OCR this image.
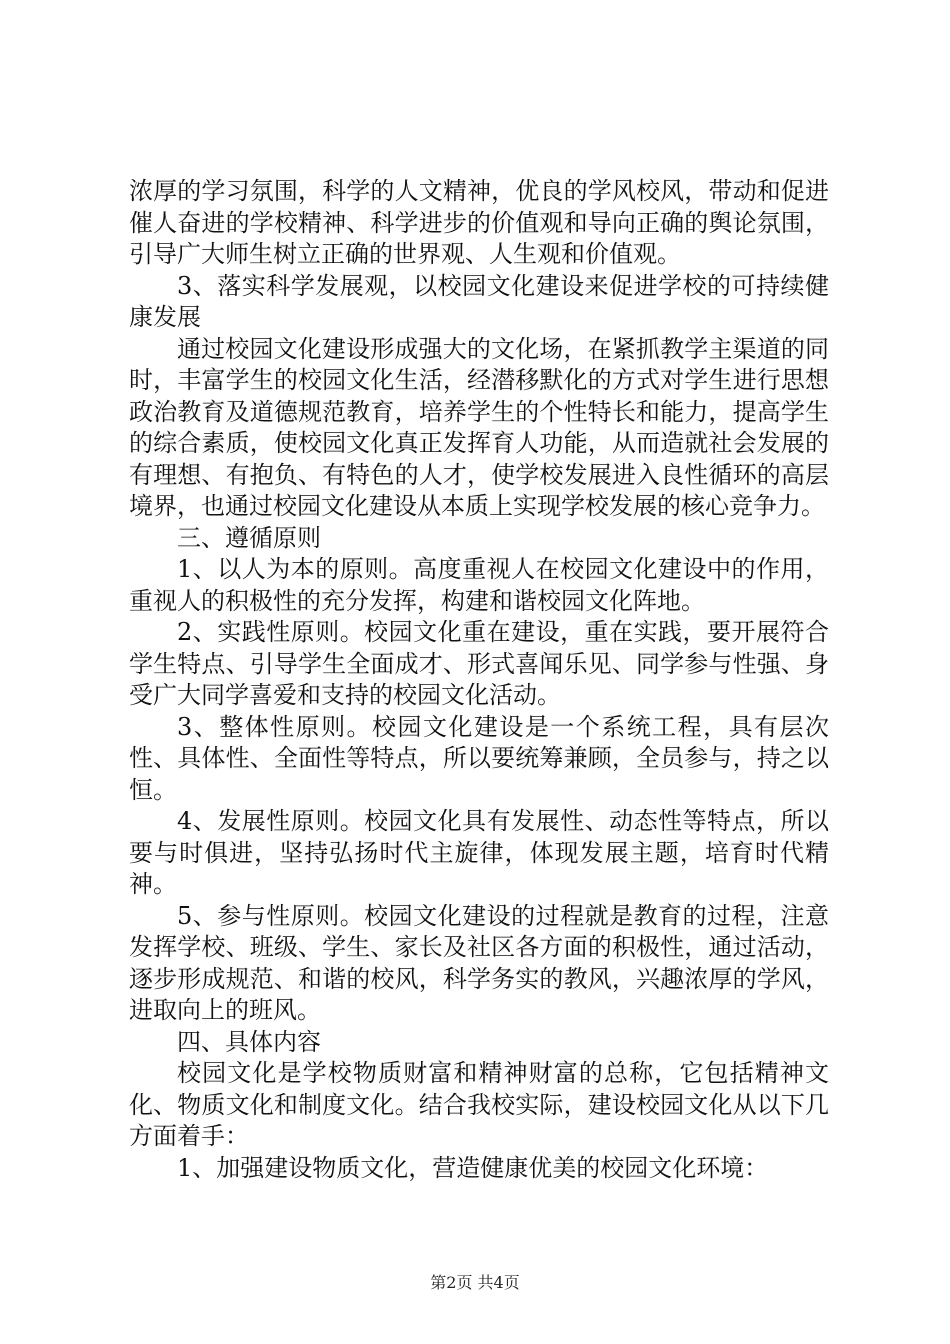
浓厚的学习氛围，科学的人文精神，优良的学风校风，带动和促进催人奋进的学校精神、科学进步的价值观和导向正确的舆论氛围，引导广大师生树立正确的世界观、人生观和价值观。

3、落实科学发展观，以校园文化建设来促进学校的可持续健康发展

通过校园文化建设形成强大的文化场，在紧抓教学主渠道的同时，丰富学生的校园文化生活，经潜移默化的方式对学生进行思想政治教育及道德规范教育，培养学生的个性特长和能力，提高学生的综合素质，使校园文化真正发挥育人功能，从而造就社会发展的有理想、有抱负、有特色的人才，使学校发展进入良性循环的高层境界，也通过校园文化建设从本质上实现学校发展的核心竞争力。

三、遵循原则

1、以人为本的原则。高度重视人在校园文化建设中的作用，重视人的积极性的充分发挥，构建和谐校园文化阵地。

2、实践性原则。校园文化重在建设，重在实践，要开展符合学生特点、引导学生全面成才、形式喜闻乐见、同学参与性强、身受广大同学喜爱和支持的校园文化活动。

3、整体性原则。校园文化建设是一个系统工程，具有层次性、具体性、全面性等特点，所以要统筹兼顾，全员参与，持之以恒。

4、发展性原则。校园文化具有发展性、动态性等特点，所以要与时俱进，坚持弘扬时代主旋律，体现发展主题，培育时代精神。

5、参与性原则。校园文化建设的过程就是教育的过程，注意发挥学校、班级、学生、家长及社区各方面的积极性，通过活动，逐步形成规范、和谐的校风，科学务实的教风，兴趣浓厚的学风，进取向上的班风。

四、具体内容

校园文化是学校物质财富和精神财富的总称，它包括精神文化、物质文化和制度文化。结合我校实际，建设校园文化从以下几方面着手：

1、加强建设物质文化，营造健康优美的校园文化环境：

第2页 共4页
